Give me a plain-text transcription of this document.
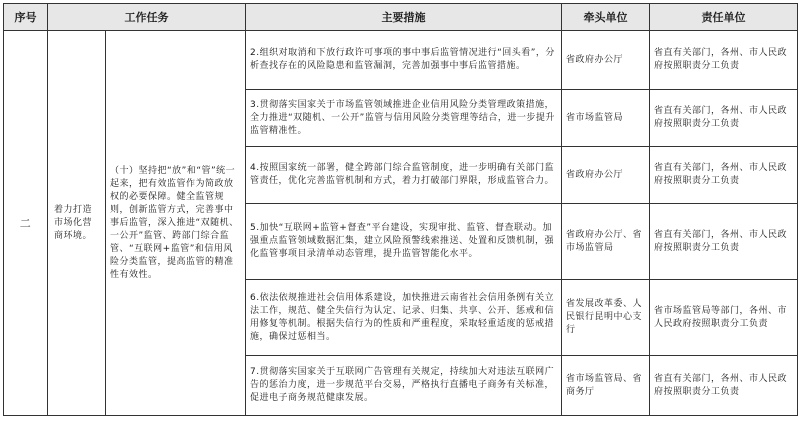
序号	工作任务		主要措施	牵头单位	责任单位
二	着力打造市场化营商环境。	（十）坚持把“放”和“管”统一起来，把有效监管作为简政放权的必要保障。健全监管规则，创新监管方式，完善事中事后监管，深入推进“双随机、一公开”监管、跨部门综合监管、“互联网+监管”和信用风险分类监管，提高监管的精准性有效性。	2.组织对取消和下放行政许可事项的事中事后监管情况进行“回头看”，分析查找存在的风险隐患和监管漏洞，完善加强事中事后监管措施。	省政府办公厅	省直有关部门，各州、市人民政府按照职责分工负责
			3.贯彻落实国家关于市场监管领域推进企业信用风险分类管理政策措施，全力推进“双随机、一公开”监管与信用风险分类管理等结合，进一步提升监管精准性。	省市场监管局	省直有关部门，各州、市人民政府按照职责分工负责
			4.按照国家统一部署，健全跨部门综合监管制度，进一步明确有关部门监管责任，优化完善监管机制和方式，着力打破部门界限，形成监管合力。	省政府办公厅	省直有关部门，各州、市人民政府按照职责分工负责
			5.加快“互联网+监管+督查”平台建设，实现审批、监管、督查联动。加强重点监管领域数据汇集，建立风险预警线索推送、处置和反馈机制，强化监管事项目录清单动态管理，提升监管智能化水平。	省政府办公厅、省市场监管局	省直有关部门，各州、市人民政府按照职责分工负责
			6.依法依规推进社会信用体系建设，加快推进云南省社会信用条例有关立法工作，规范、健全失信行为认定、记录、归集、共享、公开、惩戒和信用修复等机制。根据失信行为的性质和严重程度，采取轻重适度的惩戒措施，确保过惩相当。	省发展改革委、人民银行昆明中心支行	省市场监管局等部门，各州、市人民政府按照职责分工负责
			7.贯彻落实国家关于互联网广告管理有关规定，持续加大对违法互联网广告的惩治力度，进一步规范平台交易，严格执行直播电子商务有关标准，促进电子商务规范健康发展。	省市场监管局、省商务厅	省直有关部门，各州、市人民政府按照职责分工负责
